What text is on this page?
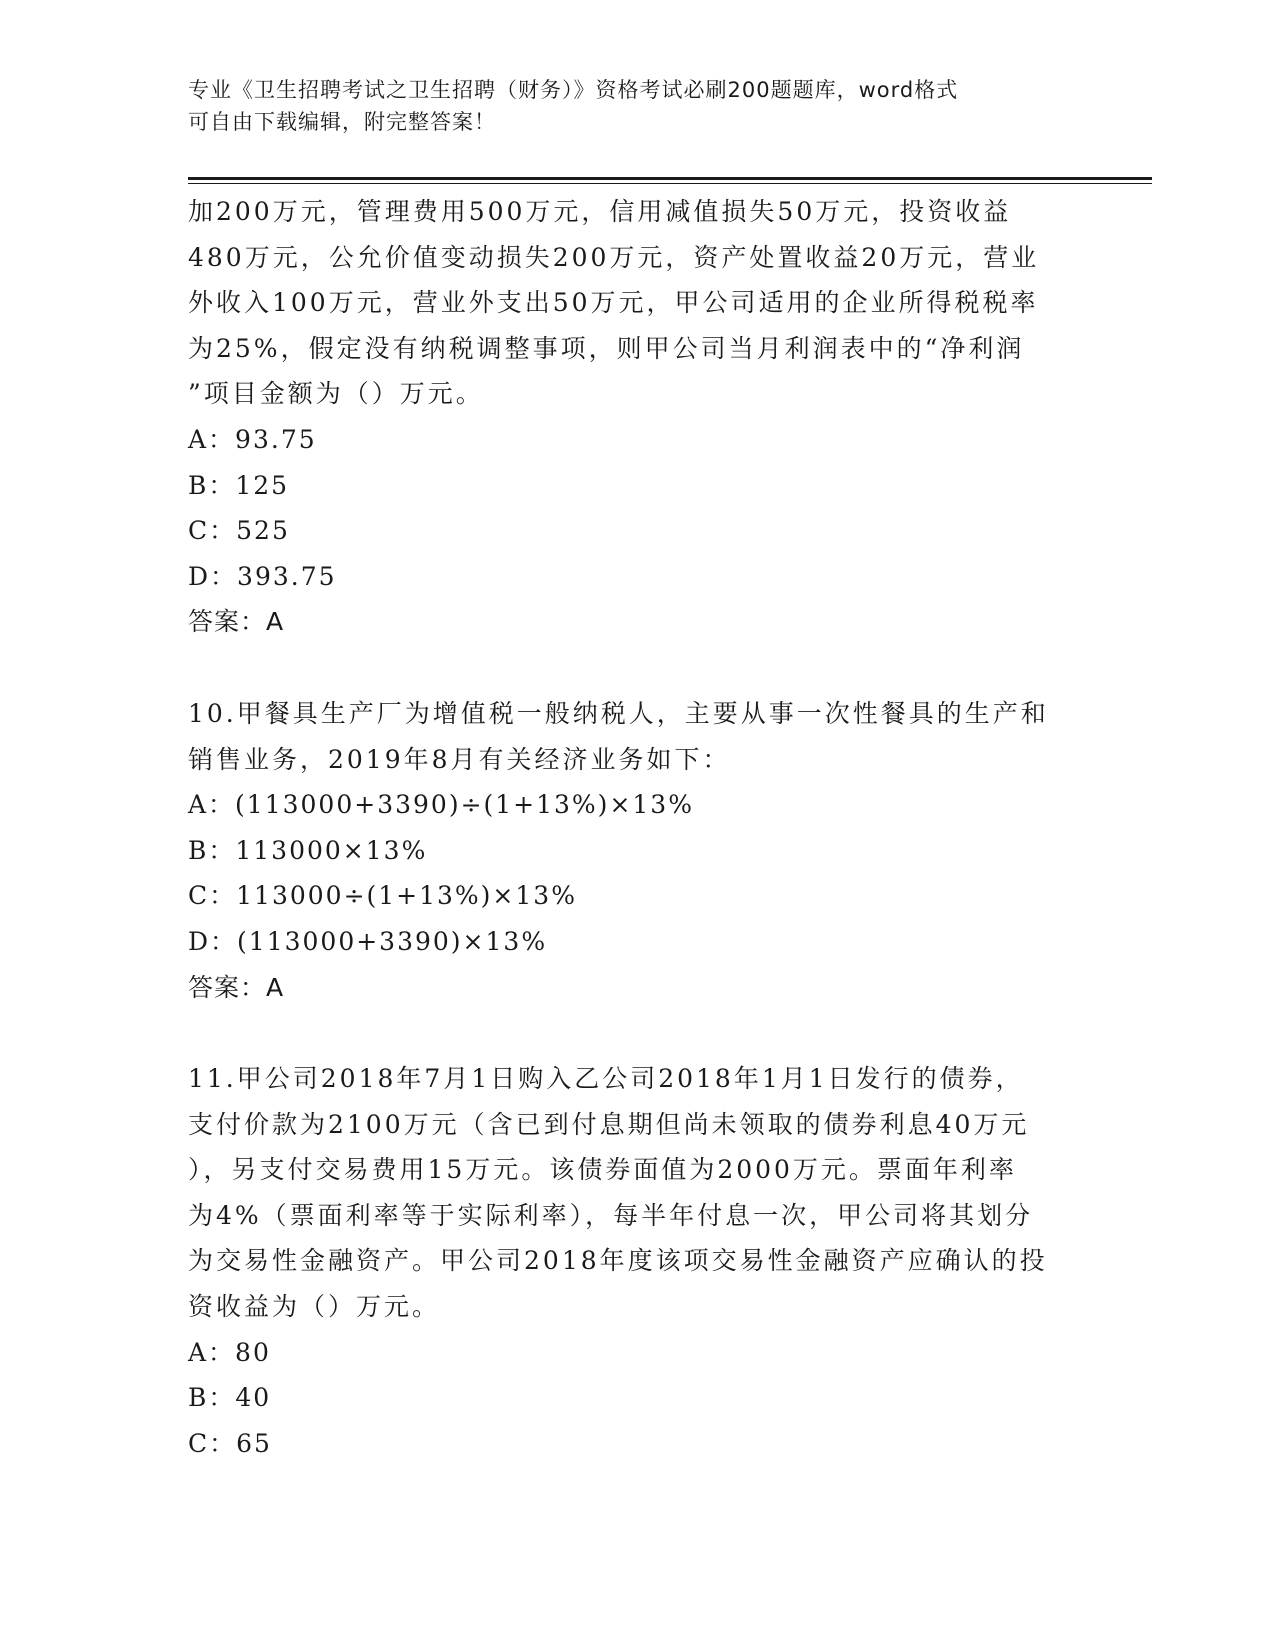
专业《卫生招聘考试之卫生招聘（财务）》资格考试必刷200题题库，word格式
可自由下载编辑，附完整答案！

加200万元，管理费用500万元，信用减值损失50万元，投资收益

480万元，公允价值变动损失200万元，资产处置收益20万元，营业

外收入100万元，营业外支出50万元，甲公司适用的企业所得税税率

为25%，假定没有纳税调整事项，则甲公司当月利润表中的“净利润

”项目金额为（）万元。

A：93.75

B：125

C：525

D：393.75

答案：A

10.甲餐具生产厂为增值税一般纳税人，主要从事一次性餐具的生产和

销售业务，2019年8月有关经济业务如下：

A：(113000+3390)÷(1+13%)×13%

B：113000×13%

C：113000÷(1+13%)×13%

D：(113000+3390)×13%

答案：A

11.甲公司2018年7月1日购入乙公司2018年1月1日发行的债券，

支付价款为2100万元（含已到付息期但尚未领取的债券利息40万元

），另支付交易费用15万元。该债券面值为2000万元。票面年利率

为4%（票面利率等于实际利率），每半年付息一次，甲公司将其划分

为交易性金融资产。甲公司2018年度该项交易性金融资产应确认的投

资收益为（）万元。

A：80

B：40

C：65
